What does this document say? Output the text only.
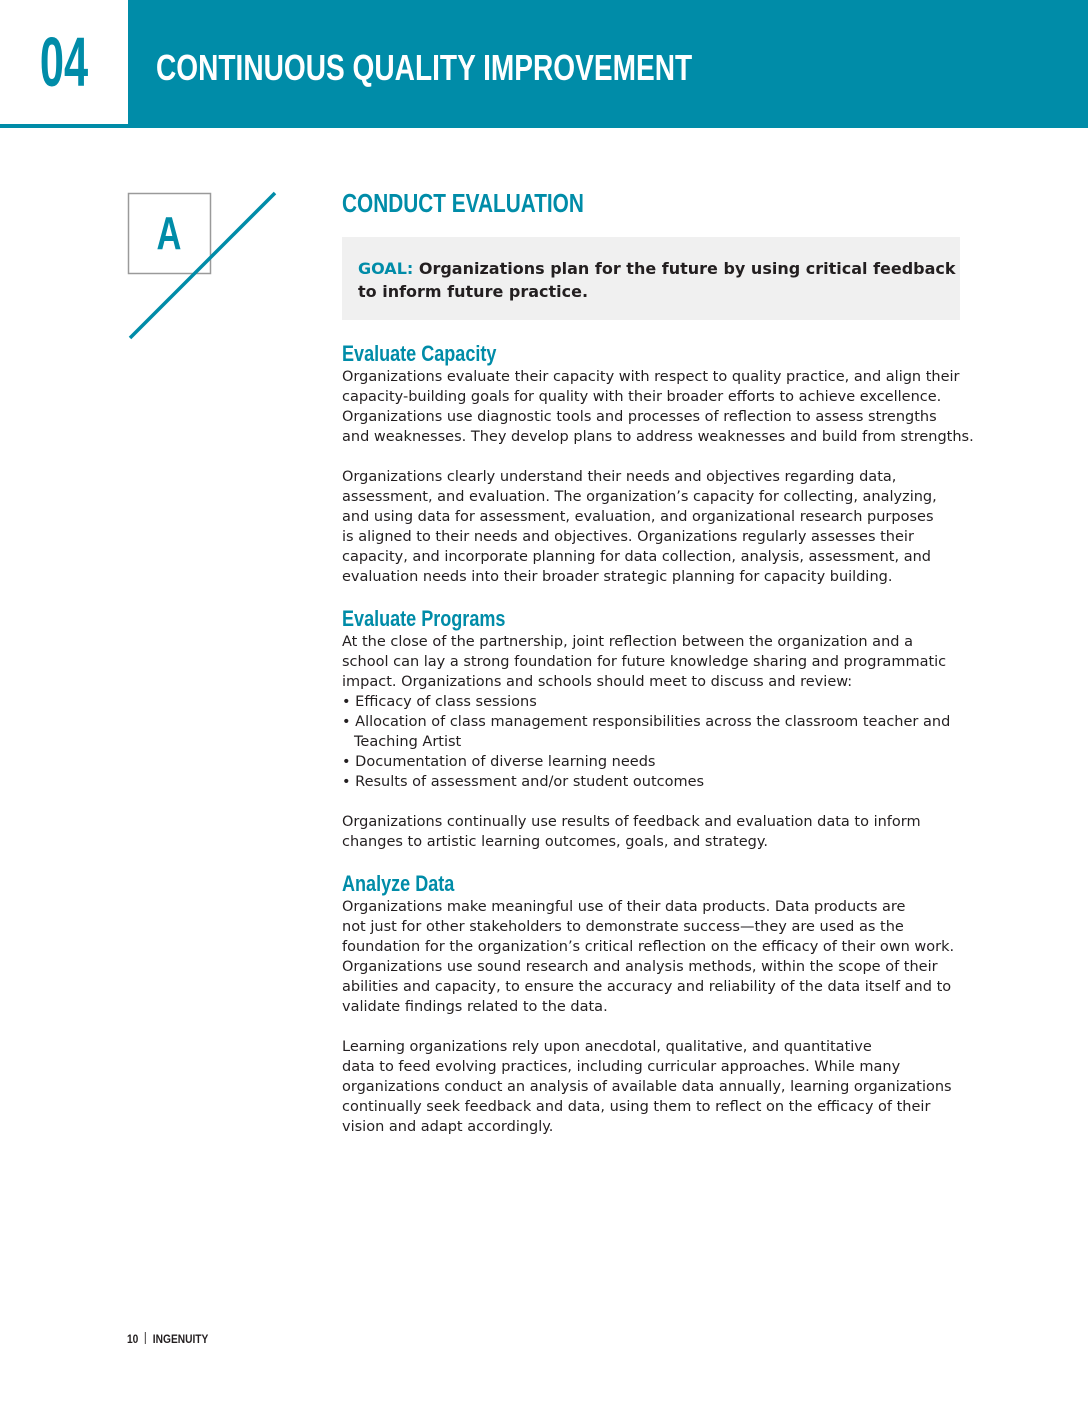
04	CONTINUOUS QUALITY IMPROVEMENT
A
CONDUCT EVALUATION
GOAL: Organizations plan for the future by using critical feedback
to inform future practice.
Evaluate Capacity
Organizations evaluate their capacity with respect to quality practice, and align their
capacity-building goals for quality with their broader efforts to achieve excellence.
Organizations use diagnostic tools and processes of reflection to assess strengths
and weaknesses. They develop plans to address weaknesses and build from strengths.
Organizations clearly understand their needs and objectives regarding data,
assessment, and evaluation. The organization’s capacity for collecting, analyzing,
and using data for assessment, evaluation, and organizational research purposes
is aligned to their needs and objectives. Organizations regularly assesses their
capacity, and incorporate planning for data collection, analysis, assessment, and
evaluation needs into their broader strategic planning for capacity building.
Evaluate Programs
At the close of the partnership, joint reflection between the organization and a
school can lay a strong foundation for future knowledge sharing and programmatic
impact. Organizations and schools should meet to discuss and review:
• Efficacy of class sessions
• Allocation of class management responsibilities across the classroom teacher and
Teaching Artist
• Documentation of diverse learning needs
• Results of assessment and/or student outcomes
Organizations continually use results of feedback and evaluation data to inform
changes to artistic learning outcomes, goals, and strategy.
Analyze Data
Organizations make meaningful use of their data products. Data products are
not just for other stakeholders to demonstrate success—they are used as the
foundation for the organization’s critical reflection on the efficacy of their own work.
Organizations use sound research and analysis methods, within the scope of their
abilities and capacity, to ensure the accuracy and reliability of the data itself and to
validate findings related to the data.
Learning organizations rely upon anecdotal, qualitative, and quantitative
data to feed evolving practices, including curricular approaches. While many
organizations conduct an analysis of available data annually, learning organizations
continually seek feedback and data, using them to reflect on the efficacy of their
vision and adapt accordingly.
10 INGENUITY
